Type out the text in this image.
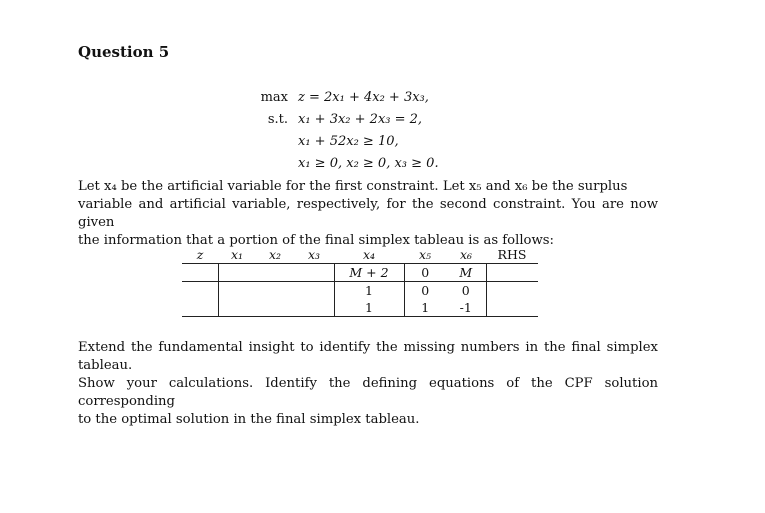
Question 5
max z = 2x₁ + 4x₂ + 3x₃,
s.t. x₁ + 3x₂ + 2x₃ = 2,
x₁ + 52x₂ ≥ 10,
x₁ ≥ 0, x₂ ≥ 0, x₃ ≥ 0.
Let x₄ be the artificial variable for the first constraint. Let x₅ and x₆ be the surplus
variable and artificial variable, respectively, for the second constraint. You are now given
the information that a portion of the final simplex tableau is as follows:
z	x₁	x₂	x₃	x₄	x₅	x₆	RHS
				M + 2	0	M	
				1	0	0	
				1	1	-1	
Extend the fundamental insight to identify the missing numbers in the final simplex tableau.
Show your calculations. Identify the defining equations of the CPF solution corresponding
to the optimal solution in the final simplex tableau.
